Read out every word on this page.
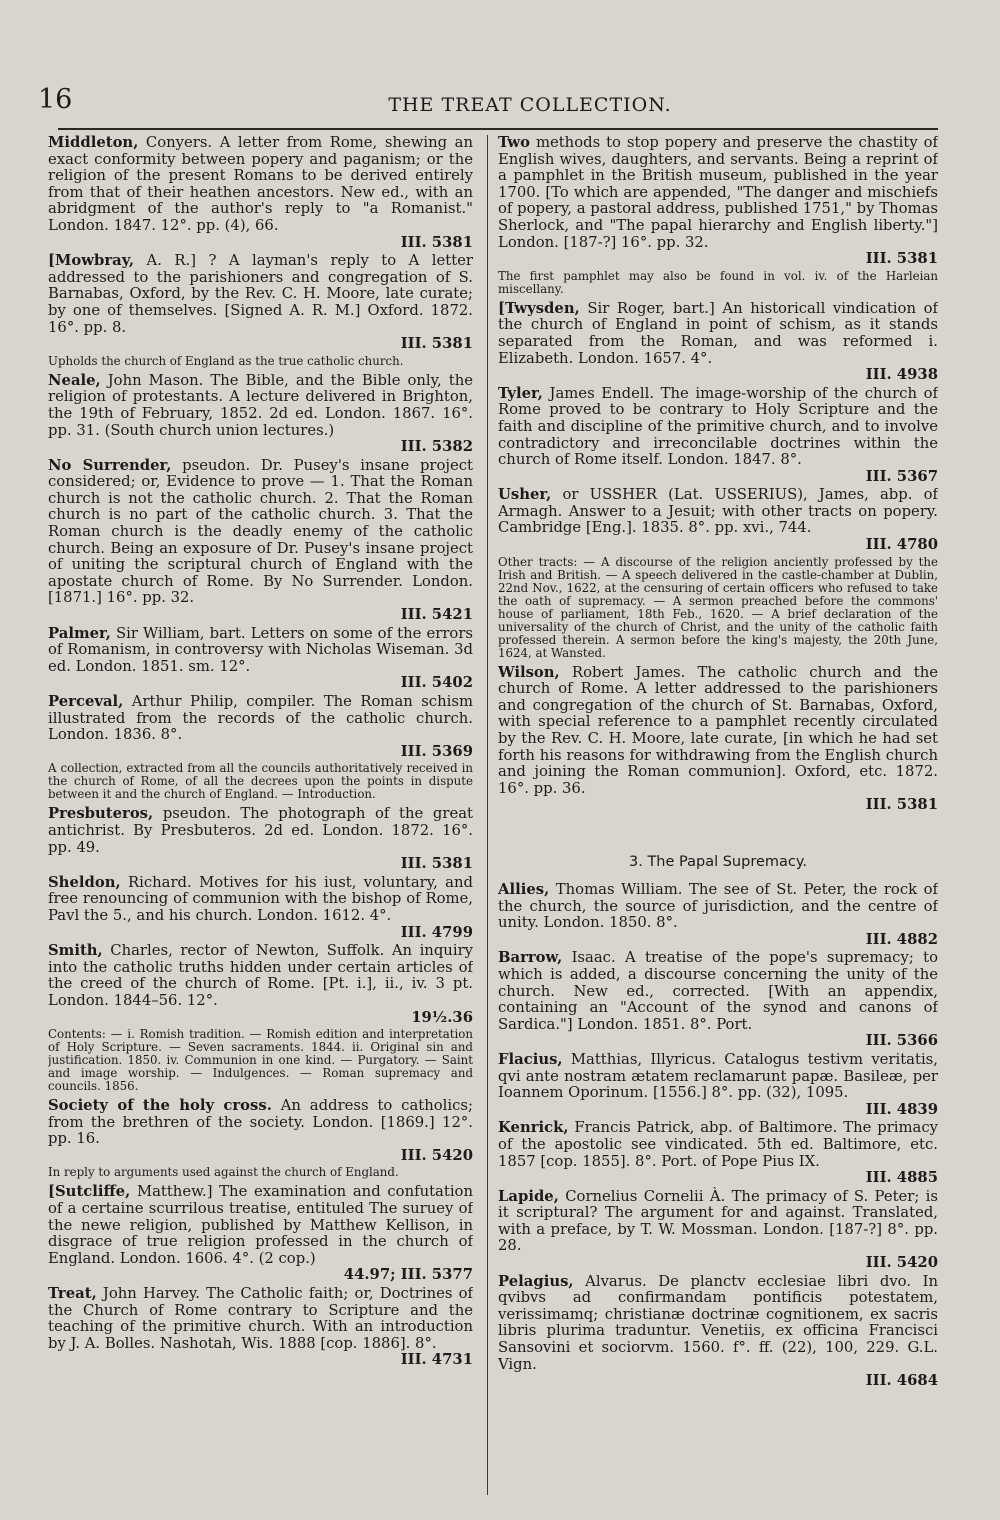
16	THE TREAT COLLECTION.
Middleton, Conyers. A letter from Rome, shewing an exact conformity between popery and paganism; or the religion of the present Romans to be derived entirely from that of their heathen ancestors. New ed., with an abridgment of the author's reply to "a Romanist." London. 1847. 12°. pp. (4), 66.
III. 5381
[Mowbray, A. R.] ? A layman's reply to A letter addressed to the parishioners and congregation of S. Barnabas, Oxford, by the Rev. C. H. Moore, late curate; by one of themselves. [Signed A. R. M.] Oxford. 1872. 16°. pp. 8.
III. 5381
Upholds the church of England as the true catholic church.
Neale, John Mason. The Bible, and the Bible only, the religion of protestants. A lecture delivered in Brighton, the 19th of February, 1852. 2d ed. London. 1867. 16°. pp. 31. (South church union lectures.)
III. 5382
No Surrender, pseudon. Dr. Pusey's insane project considered; or, Evidence to prove — 1. That the Roman church is not the catholic church. 2. That the Roman church is no part of the catholic church. 3. That the Roman church is the deadly enemy of the catholic church. Being an exposure of Dr. Pusey's insane project of uniting the scriptural church of England with the apostate church of Rome. By No Surrender. London. [1871.] 16°. pp. 32.
III. 5421
Palmer, Sir William, bart. Letters on some of the errors of Romanism, in controversy with Nicholas Wiseman. 3d ed. London. 1851. sm. 12°.
III. 5402
Perceval, Arthur Philip, compiler. The Roman schism illustrated from the records of the catholic church. London. 1836. 8°.
III. 5369
A collection, extracted from all the councils authoritatively received in the church of Rome, of all the decrees upon the points in dispute between it and the church of England. — Introduction.
Presbuteros, pseudon. The photograph of the great antichrist. By Presbuteros. 2d ed. London. 1872. 16°. pp. 49.
III. 5381
Sheldon, Richard. Motives for his iust, voluntary, and free renouncing of communion with the bishop of Rome, Pavl the 5., and his church. London. 1612. 4°.
III. 4799
Smith, Charles, rector of Newton, Suffolk. An inquiry into the catholic truths hidden under certain articles of the creed of the church of Rome. [Pt. i.], ii., iv. 3 pt. London. 1844–56. 12°.
19½.36
Contents: — i. Romish tradition. — Romish edition and interpretation of Holy Scripture. — Seven sacraments. 1844. ii. Original sin and justification. 1850. iv. Communion in one kind. — Purgatory. — Saint and image worship. — Indulgences. — Roman supremacy and councils. 1856.
Society of the holy cross. An address to catholics; from the brethren of the society. London. [1869.] 12°. pp. 16.
III. 5420
In reply to arguments used against the church of England.
[Sutcliffe, Matthew.] The examination and confutation of a certaine scurrilous treatise, entituled The suruey of the newe religion, published by Matthew Kellison, in disgrace of true religion professed in the church of England. London. 1606. 4°. (2 cop.)
44.97; III. 5377
Treat, John Harvey. The Catholic faith; or, Doctrines of the Church of Rome contrary to Scripture and the teaching of the primitive church. With an introduction by J. A. Bolles. Nashotah, Wis. 1888 [cop. 1886]. 8°.
III. 4731
Two methods to stop popery and preserve the chastity of English wives, daughters, and servants. Being a reprint of a pamphlet in the British museum, published in the year 1700. [To which are appended, "The danger and mischiefs of popery, a pastoral address, published 1751," by Thomas Sherlock, and "The papal hierarchy and English liberty."] London. [187-?] 16°. pp. 32.
III. 5381
The first pamphlet may also be found in vol. iv. of the Harleian miscellany.
[Twysden, Sir Roger, bart.] An historicall vindication of the church of England in point of schism, as it stands separated from the Roman, and was reformed i. Elizabeth. London. 1657. 4°.
III. 4938
Tyler, James Endell. The image-worship of the church of Rome proved to be contrary to Holy Scripture and the faith and discipline of the primitive church, and to involve contradictory and irreconcilable doctrines within the church of Rome itself. London. 1847. 8°.
III. 5367
Usher, or USSHER (Lat. USSERIUS), James, abp. of Armagh. Answer to a Jesuit; with other tracts on popery. Cambridge [Eng.]. 1835. 8°. pp. xvi., 744.
III. 4780
Other tracts: — A discourse of the religion anciently professed by the Irish and British. — A speech delivered in the castle-chamber at Dublin, 22nd Nov., 1622, at the censuring of certain officers who refused to take the oath of supremacy. — A sermon preached before the commons' house of parliament, 18th Feb., 1620. — A brief declaration of the universality of the church of Christ, and the unity of the catholic faith professed therein. A sermon before the king's majesty, the 20th June, 1624, at Wansted.
Wilson, Robert James. The catholic church and the church of Rome. A letter addressed to the parishioners and congregation of the church of St. Barnabas, Oxford, with special reference to a pamphlet recently circulated by the Rev. C. H. Moore, late curate, [in which he had set forth his reasons for withdrawing from the English church and joining the Roman communion]. Oxford, etc. 1872. 16°. pp. 36.
III. 5381
3. The Papal Supremacy.
Allies, Thomas William. The see of St. Peter, the rock of the church, the source of jurisdiction, and the centre of unity. London. 1850. 8°.
III. 4882
Barrow, Isaac. A treatise of the pope's supremacy; to which is added, a discourse concerning the unity of the church. New ed., corrected. [With an appendix, containing an "Account of the synod and canons of Sardica."] London. 1851. 8°. Port.
III. 5366
Flacius, Matthias, Illyricus. Catalogus testivm veritatis, qvi ante nostram ætatem reclamarunt papæ. Basileæ, per Ioannem Oporinum. [1556.] 8°. pp. (32), 1095.
III. 4839
Kenrick, Francis Patrick, abp. of Baltimore. The primacy of the apostolic see vindicated. 5th ed. Baltimore, etc. 1857 [cop. 1855]. 8°. Port. of Pope Pius IX.
III. 4885
Lapide, Cornelius Cornelii À. The primacy of S. Peter; is it scriptural? The argument for and against. Translated, with a preface, by T. W. Mossman. London. [187-?] 8°. pp. 28.
III. 5420
Pelagius, Alvarus. De planctv ecclesiae libri dvo. In qvibvs ad confirmandam pontificis potestatem, verissimamq; christianæ doctrinæ cognitionem, ex sacris libris plurima traduntur. Venetiis, ex officina Francisci Sansovini et sociorvm. 1560. f°. ff. (22), 100, 229. G.L. Vign.
III. 4684
